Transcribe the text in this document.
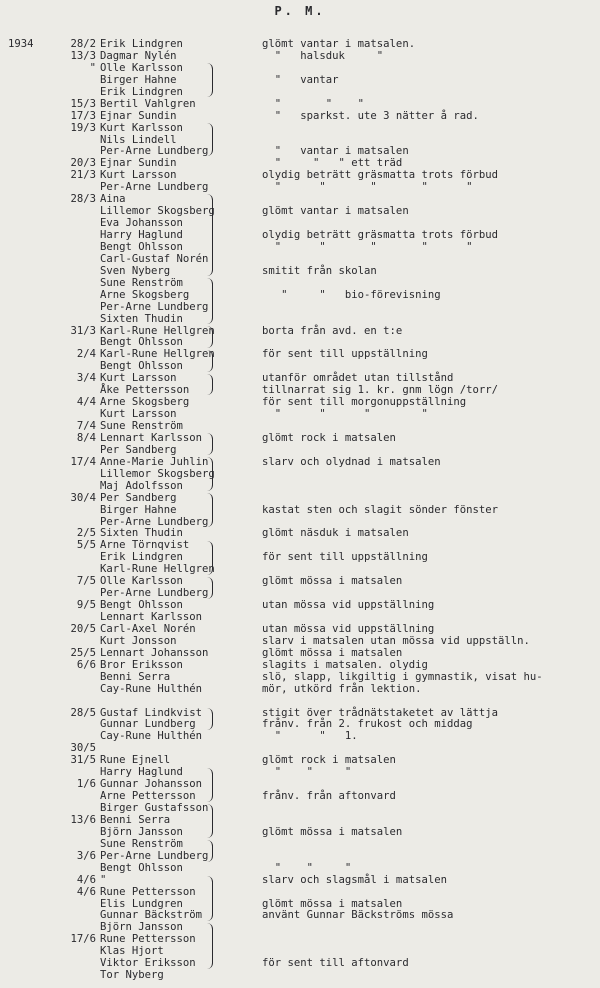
P. M.
1934	28/2 Erik Lindgren	glömt vantar i matsalen.
13/3 Dagmar Nylén	"   halsduk     "
" Olle Karlsson
Birger Hahne	"   vantar
Erik Lindgren
15/3 Bertil Vahlgren	"       "    "
17/3 Ejnar Sundin	"   sparkst. ute 3 nätter å rad.
19/3 Kurt Karlsson
Nils Lindell
Per-Arne Lundberg	"   vantar i matsalen
20/3 Ejnar Sundin	"     "   " ett träd
21/3 Kurt Larsson	olydig beträtt gräsmatta trots förbud
Per-Arne Lundberg	"      "       "       "      "
28/3 Aina
Lillemor Skogsberg	glömt vantar i matsalen
Eva Johansson
Harry Haglund	olydig beträtt gräsmatta trots förbud
Bengt Ohlsson	"      "       "       "      "
Carl-Gustaf Norén
Sven Nyberg	smitit från skolan
Sune Renström
Arne Skogsberg	"     "   bio-förevisning
Per-Arne Lundberg
Sixten Thudin
31/3 Karl-Rune Hellgren	borta från avd. en t:e
Bengt Ohlsson
2/4 Karl-Rune Hellgren	för sent till uppställning
Bengt Ohlsson
3/4 Kurt Larsson	utanför området utan tillstånd
Åke Pettersson	tillnarrat sig 1. kr. gnm lögn /torr/
4/4 Arne Skogsberg	för sent till morgonuppställning
Kurt Larsson	"      "      "        "
7/4 Sune Renström
8/4 Lennart Karlsson	glömt rock i matsalen
Per Sandberg
17/4 Anne-Marie Juhlin	slarv och olydnad i matsalen
Lillemor Skogsberg
Maj Adolfsson
30/4 Per Sandberg
Birger Hahne	kastat sten och slagit sönder fönster
Per-Arne Lundberg
2/5 Sixten Thudin	glömt näsduk i matsalen
5/5 Arne Törnqvist
Erik Lindgren	för sent till uppställning
Karl-Rune Hellgren
7/5 Olle Karlsson	glömt mössa i matsalen
Per-Arne Lundberg
9/5 Bengt Ohlsson	utan mössa vid uppställning
Lennart Karlsson
20/5 Carl-Axel Norén	utan mössa vid uppställning
Kurt Jonsson	slarv i matsalen utan mössa vid uppställn.
25/5 Lennart Johansson	glömt mössa i matsalen
6/6 Bror Eriksson	slagits i matsalen. olydig
Benni Serra	slö, slapp, likgiltig i gymnastik, visat hu-
Cay-Rune Hulthén	mör, utkörd från lektion.
28/5 Gustaf Lindkvist	stigit över trådnätstaketet av lättja
Gunnar Lundberg	frånv. från 2. frukost och middag
Cay-Rune Hulthén	"      "   1.
30/5
31/5 Rune Ejnell	glömt rock i matsalen
Harry Haglund	"    "     "
1/6 Gunnar Johansson
Arne Pettersson	frånv. från aftonvard
Birger Gustafsson
13/6 Benni Serra
Björn Jansson	glömt mössa i matsalen
Sune Renström
3/6 Per-Arne Lundberg
Bengt Ohlsson	"    "     "
4/6 "	slarv och slagsmål i matsalen
4/6 Rune Pettersson
Elis Lundgren	glömt mössa i matsalen
Gunnar Bäckström	använt Gunnar Bäckströms mössa
Björn Jansson
17/6 Rune Pettersson
Klas Hjort
Viktor Eriksson	för sent till aftonvard
Tor Nyberg
